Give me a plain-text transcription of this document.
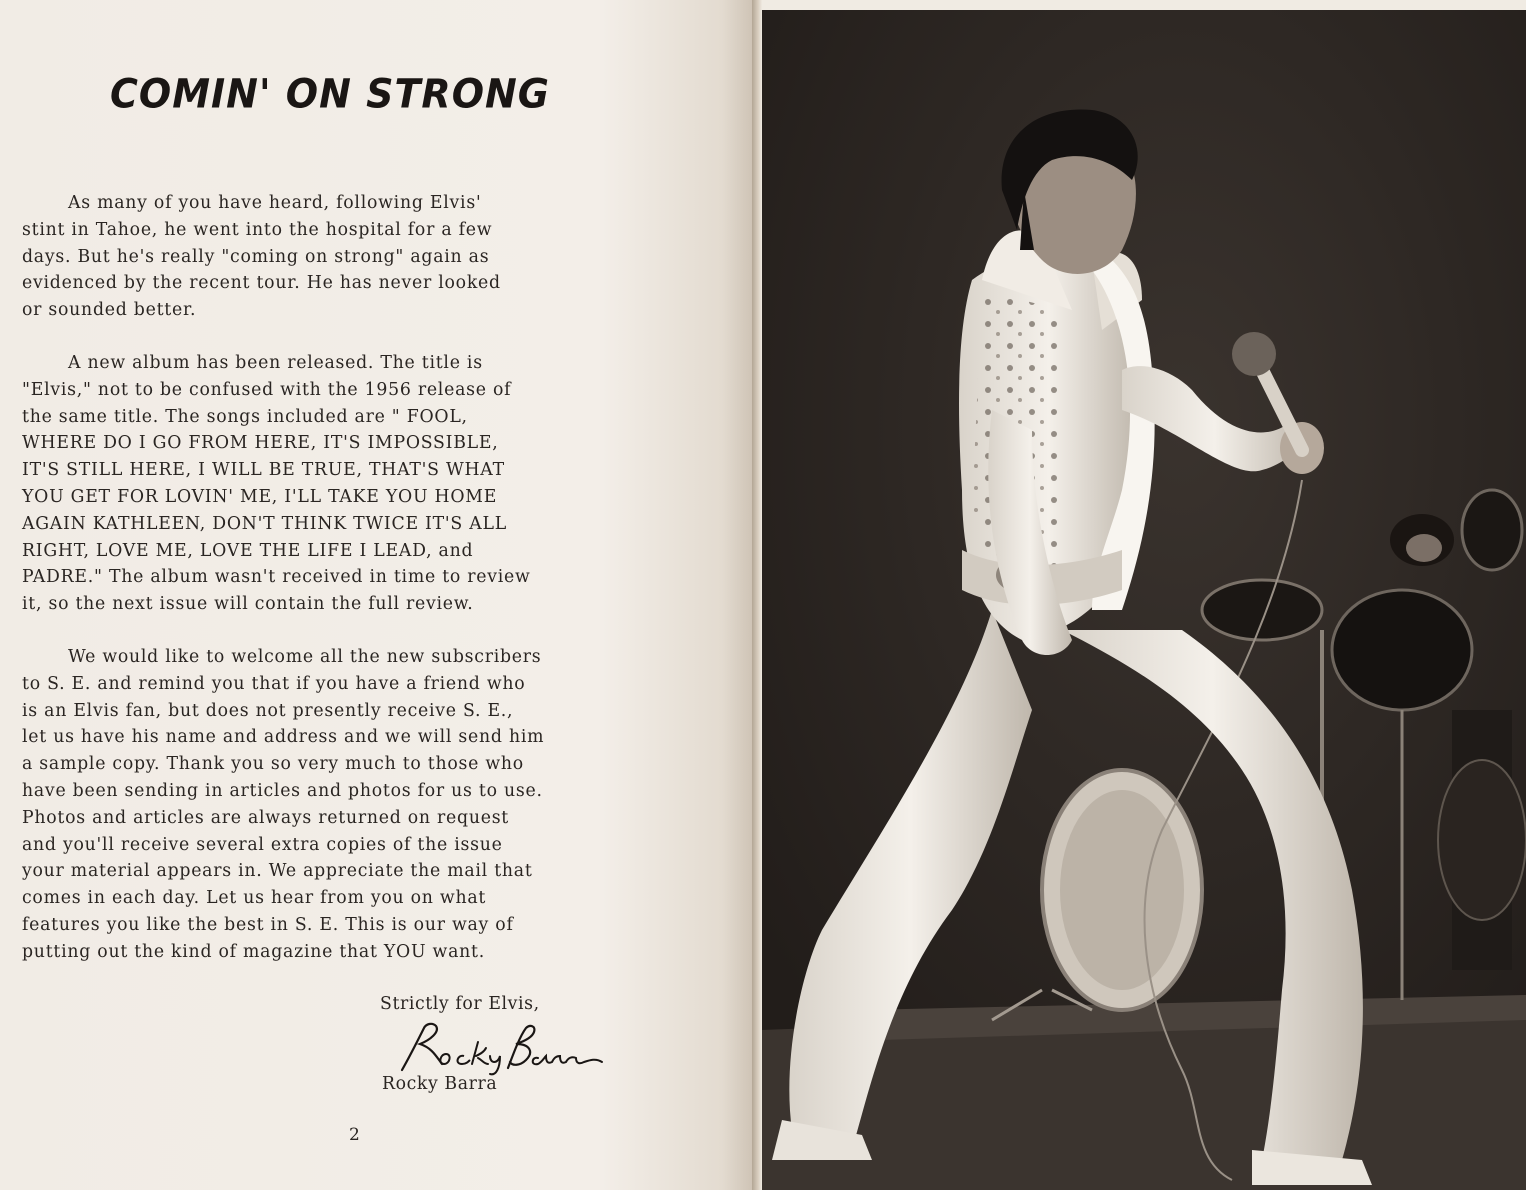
COMIN' ON STRONG
As many of you have heard, following Elvis'
stint in Tahoe, he went into the hospital for a few
days. But he's really "coming on strong" again as
evidenced by the recent tour. He has never looked
or sounded better.
A new album has been released. The title is
"Elvis," not to be confused with the 1956 release of
the same title. The songs included are " FOOL,
WHERE DO I GO FROM HERE, IT'S IMPOSSIBLE,
IT'S STILL HERE, I WILL BE TRUE, THAT'S WHAT
YOU GET FOR LOVIN' ME, I'LL TAKE YOU HOME
AGAIN KATHLEEN, DON'T THINK TWICE IT'S ALL
RIGHT, LOVE ME, LOVE THE LIFE I LEAD, and
PADRE." The album wasn't received in time to review
it, so the next issue will contain the full review.
We would like to welcome all the new subscribers
to S. E. and remind you that if you have a friend who
is an Elvis fan, but does not presently receive S. E.,
let us have his name and address and we will send him
a sample copy. Thank you so very much to those who
have been sending in articles and photos for us to use.
Photos and articles are always returned on request
and you'll receive several extra copies of the issue
your material appears in. We appreciate the mail that
comes in each day. Let us hear from you on what
features you like the best in S. E. This is our way of
putting out the kind of magazine that YOU want.
Strictly for Elvis,
Rocky Barra
2
